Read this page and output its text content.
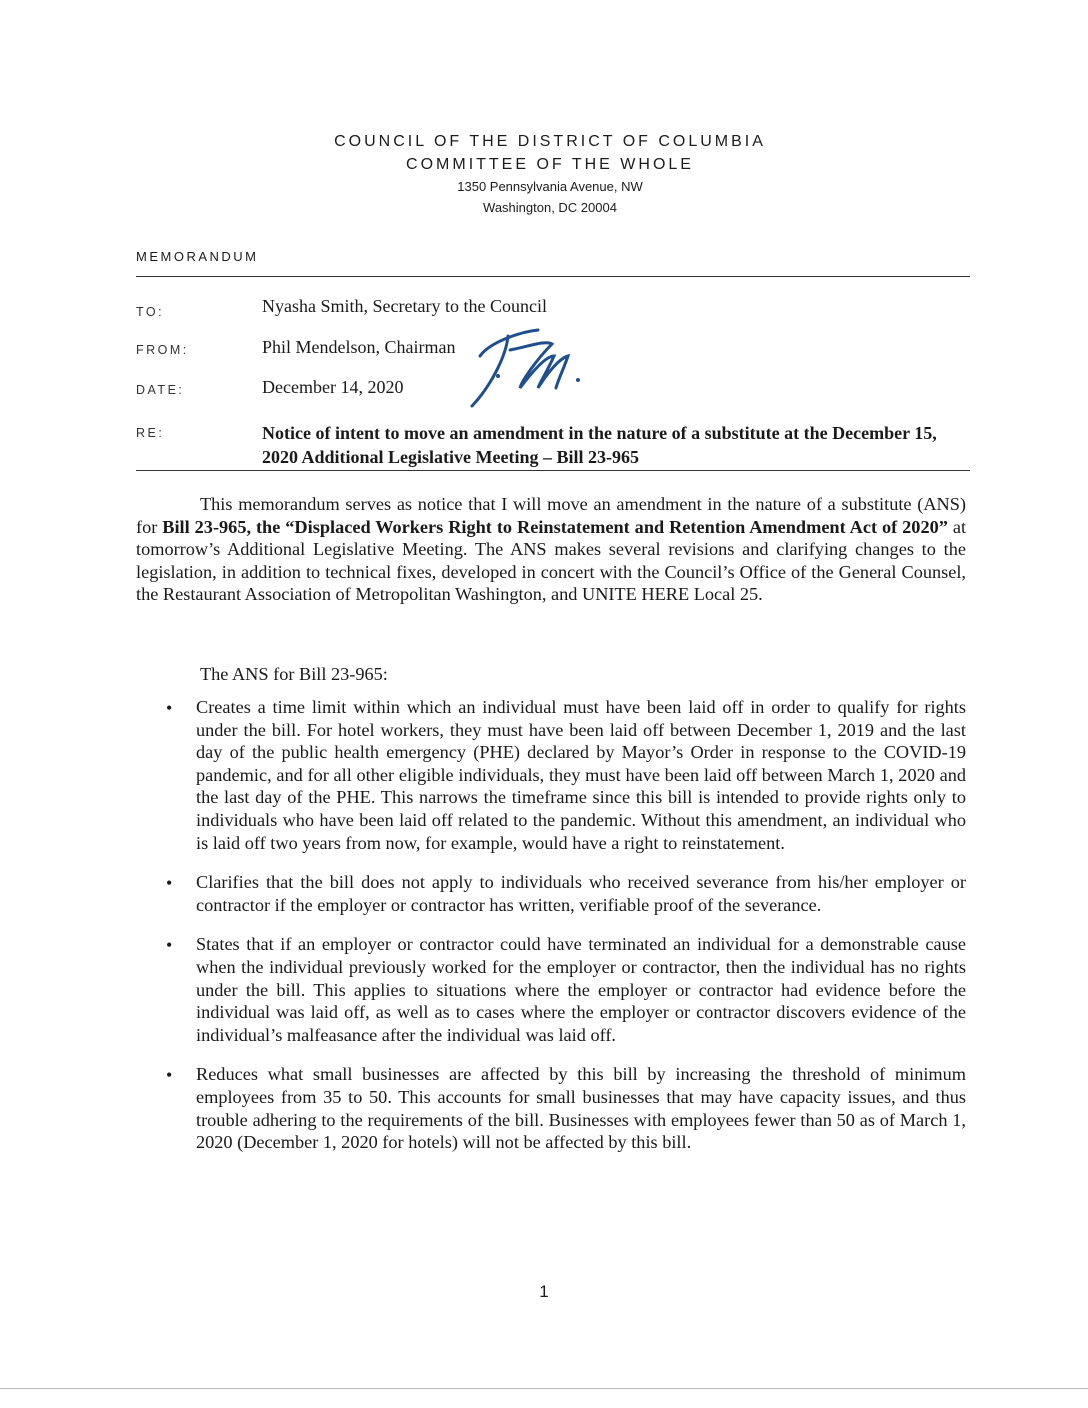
COUNCIL OF THE DISTRICT OF COLUMBIA
COMMITTEE OF THE WHOLE
1350 Pennsylvania Avenue, NW
Washington, DC 20004
MEMORANDUM
TO:	Nyasha Smith, Secretary to the Council
FROM:	Phil Mendelson, Chairman
DATE:	December 14, 2020
RE:	Notice of intent to move an amendment in the nature of a substitute at the December 15, 2020 Additional Legislative Meeting – Bill 23-965
This memorandum serves as notice that I will move an amendment in the nature of a substitute (ANS) for Bill 23-965, the “Displaced Workers Right to Reinstatement and Retention Amendment Act of 2020” at tomorrow’s Additional Legislative Meeting. The ANS makes several revisions and clarifying changes to the legislation, in addition to technical fixes, developed in concert with the Council’s Office of the General Counsel, the Restaurant Association of Metropolitan Washington, and UNITE HERE Local 25.
The ANS for Bill 23-965:
• Creates a time limit within which an individual must have been laid off in order to qualify for rights under the bill. For hotel workers, they must have been laid off between December 1, 2019 and the last day of the public health emergency (PHE) declared by Mayor’s Order in response to the COVID-19 pandemic, and for all other eligible individuals, they must have been laid off between March 1, 2020 and the last day of the PHE. This narrows the timeframe since this bill is intended to provide rights only to individuals who have been laid off related to the pandemic. Without this amendment, an individual who is laid off two years from now, for example, would have a right to reinstatement.
• Clarifies that the bill does not apply to individuals who received severance from his/her employer or contractor if the employer or contractor has written, verifiable proof of the severance.
• States that if an employer or contractor could have terminated an individual for a demonstrable cause when the individual previously worked for the employer or contractor, then the individual has no rights under the bill. This applies to situations where the employer or contractor had evidence before the individual was laid off, as well as to cases where the employer or contractor discovers evidence of the individual’s malfeasance after the individual was laid off.
• Reduces what small businesses are affected by this bill by increasing the threshold of minimum employees from 35 to 50. This accounts for small businesses that may have capacity issues, and thus trouble adhering to the requirements of the bill. Businesses with employees fewer than 50 as of March 1, 2020 (December 1, 2020 for hotels) will not be affected by this bill.
1
